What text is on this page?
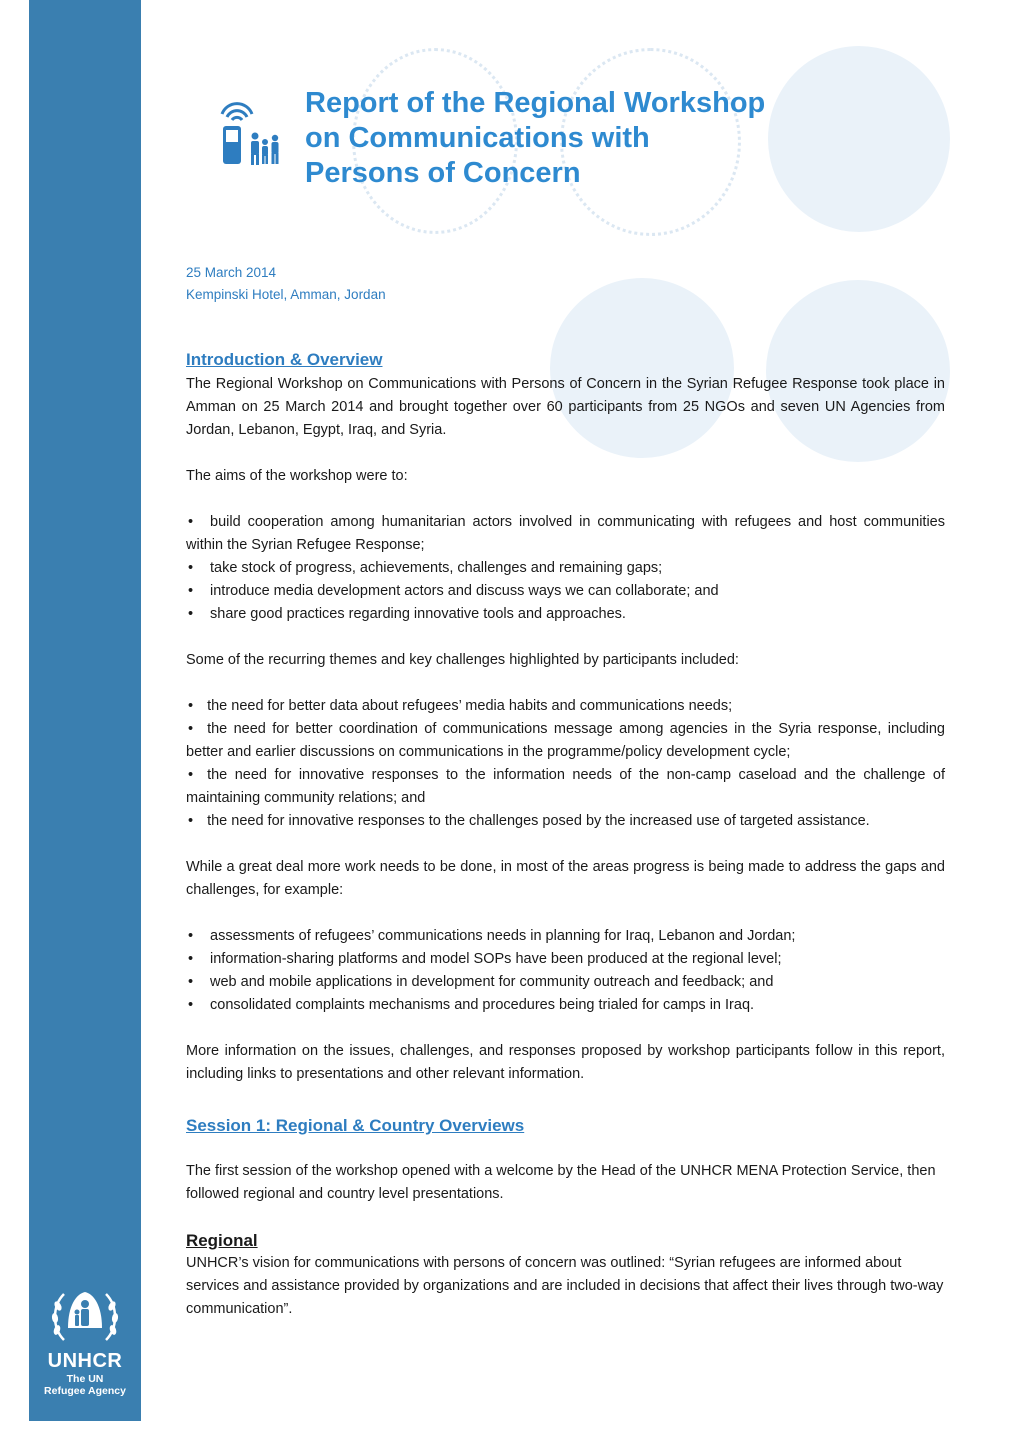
Report of the Regional Workshop
on Communications with
Persons of Concern
25 March 2014
Kempinski Hotel, Amman, Jordan
Introduction & Overview

The Regional Workshop on Communications with Persons of Concern in the Syrian Refugee Response took place in Amman on 25 March 2014 and brought together over 60 participants from 25 NGOs and seven UN Agencies from Jordan, Lebanon, Egypt, Iraq, and Syria.

The aims of the workshop were to:

• build cooperation among humanitarian actors involved in communicating with refugees and host communities within the Syrian Refugee Response;
• take stock of progress, achievements, challenges and remaining gaps;
• introduce media development actors and discuss ways we can collaborate; and
• share good practices regarding innovative tools and approaches.

Some of the recurring themes and key challenges highlighted by participants included:

• the need for better data about refugees’ media habits and communications needs;
• the need for better coordination of communications message among agencies in the Syria response, including better and earlier discussions on communications in the programme/policy development cycle;
• the need for innovative responses to the information needs of the non-camp caseload and the challenge of maintaining community relations; and
• the need for innovative responses to the challenges posed by the increased use of targeted assistance.

While a great deal more work needs to be done, in most of the areas progress is being made to address the gaps and challenges, for example:

• assessments of refugees’ communications needs in planning for Iraq, Lebanon and Jordan;
• information-sharing platforms and model SOPs have been produced at the regional level;
• web and mobile applications in development for community outreach and feedback; and
• consolidated complaints mechanisms and procedures being trialed for camps in Iraq.

More information on the issues, challenges, and responses proposed by workshop participants follow in this report, including links to presentations and other relevant information.

Session 1: Regional & Country Overviews

The first session of the workshop opened with a welcome by the Head of the UNHCR MENA Protection Service, then followed regional and country level presentations.

Regional

UNHCR’s vision for communications with persons of concern was outlined: “Syrian refugees are informed about services and assistance provided by organizations and are included in decisions that affect their lives through two-way communication”.

UNHCR
The UN
Refugee Agency
